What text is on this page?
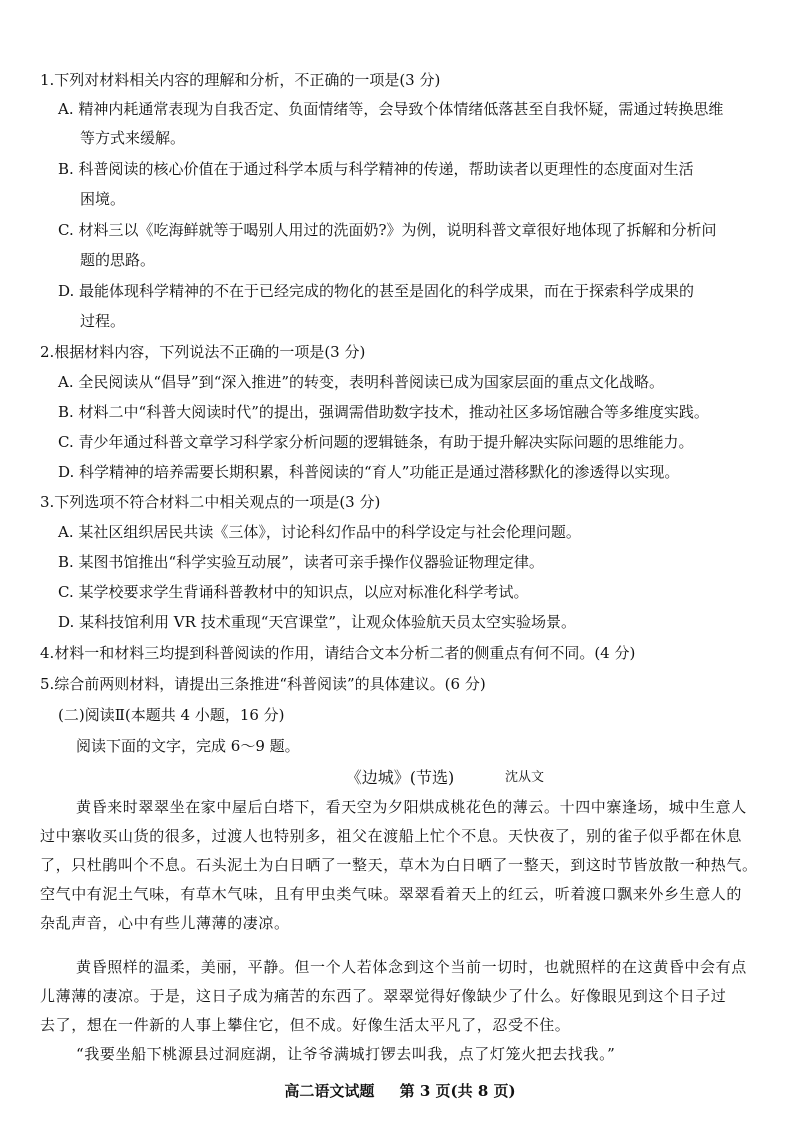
1.下列对材料相关内容的理解和分析，不正确的一项是(3 分)
A. 精神内耗通常表现为自我否定、负面情绪等，会导致个体情绪低落甚至自我怀疑，需通过转换思维
等方式来缓解。
B. 科普阅读的核心价值在于通过科学本质与科学精神的传递，帮助读者以更理性的态度面对生活
困境。
C. 材料三以《吃海鲜就等于喝别人用过的洗面奶?》为例，说明科普文章很好地体现了拆解和分析问
题的思路。
D. 最能体现科学精神的不在于已经完成的物化的甚至是固化的科学成果，而在于探索科学成果的
过程。
2.根据材料内容，下列说法不正确的一项是(3 分)
A. 全民阅读从“倡导”到“深入推进”的转变，表明科普阅读已成为国家层面的重点文化战略。
B. 材料二中“科普大阅读时代”的提出，强调需借助数字技术，推动社区多场馆融合等多维度实践。
C. 青少年通过科普文章学习科学家分析问题的逻辑链条，有助于提升解决实际问题的思维能力。
D. 科学精神的培养需要长期积累，科普阅读的“育人”功能正是通过潜移默化的渗透得以实现。
3.下列选项不符合材料二中相关观点的一项是(3 分)
A. 某社区组织居民共读《三体》，讨论科幻作品中的科学设定与社会伦理问题。
B. 某图书馆推出“科学实验互动展”，读者可亲手操作仪器验证物理定律。
C. 某学校要求学生背诵科普教材中的知识点，以应对标准化科学考试。
D. 某科技馆利用 VR 技术重现“天宫课堂”，让观众体验航天员太空实验场景。
4.材料一和材料三均提到科普阅读的作用，请结合文本分析二者的侧重点有何不同。(4 分)
5.综合前两则材料，请提出三条推进“科普阅读”的具体建议。(6 分)
(二)阅读Ⅱ(本题共 4 小题，16 分)
阅读下面的文字，完成 6～9 题。
《边城》(节选)	沈从文
黄昏来时翠翠坐在家中屋后白塔下，看天空为夕阳烘成桃花色的薄云。十四中寨逢场，城中生意人
过中寨收买山货的很多，过渡人也特别多，祖父在渡船上忙个不息。天快夜了，别的雀子似乎都在休息
了，只杜鹃叫个不息。石头泥土为白日晒了一整天，草木为白日晒了一整天，到这时节皆放散一种热气。
空气中有泥土气味，有草木气味，且有甲虫类气味。翠翠看着天上的红云，听着渡口飘来外乡生意人的
杂乱声音，心中有些儿薄薄的凄凉。
黄昏照样的温柔，美丽，平静。但一个人若体念到这个当前一切时，也就照样的在这黄昏中会有点
儿薄薄的凄凉。于是，这日子成为痛苦的东西了。翠翠觉得好像缺少了什么。好像眼见到这个日子过
去了，想在一件新的人事上攀住它，但不成。好像生活太平凡了，忍受不住。
“我要坐船下桃源县过洞庭湖，让爷爷满城打锣去叫我，点了灯笼火把去找我。”
高二语文试题 第 3 页(共 8 页)
